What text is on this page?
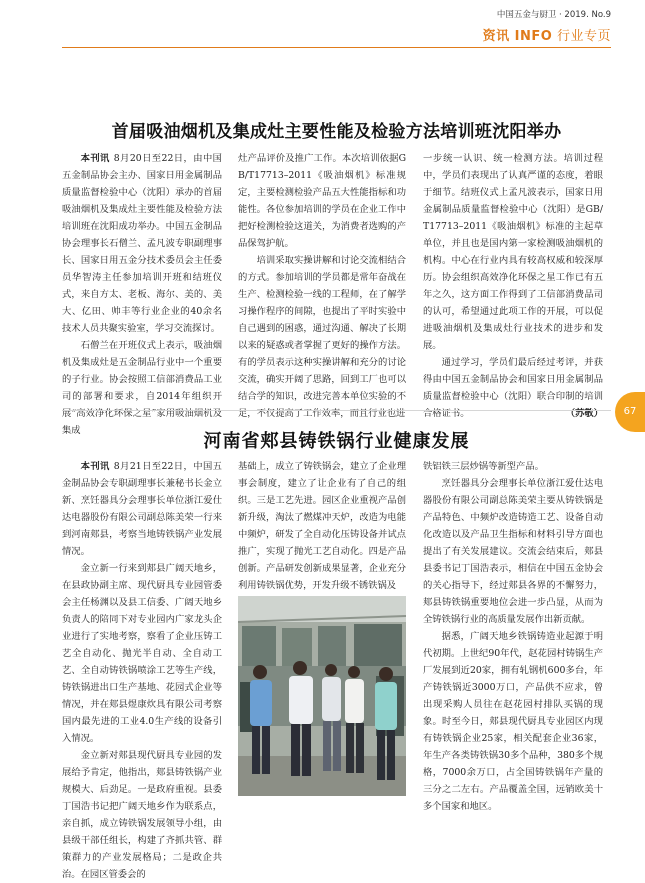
中国五金与厨卫 · 2019. No.9
资讯 INFO 行业专页
首届吸油烟机及集成灶主要性能及检验方法培训班沈阳举办

本刊讯 8月20日至22日，由中国五金制品协会主办、国家日用金属制品质量监督检验中心（沈阳）承办的首届吸油烟机及集成灶主要性能及检验方法培训班在沈阳成功举办。中国五金制品协会理事长石僧兰、孟凡波专职副理事长、国家日用五金分技术委员会主任委员华智涛主任参加培训开班和结班仪式，来自方太、老板、海尔、美的、美大、亿田、帅丰等行业企业的40余名技术人员共聚实验室，学习交流探讨。

石僧兰在开班仪式上表示，吸油烟机及集成灶是五金制品行业中一个重要的子行业。协会按照工信部消费品工业司的部署和要求，自2014年组织开展“高效净化环保之星”家用吸油烟机及集成

灶产品评价及推广工作。本次培训依据GB/T17713–2011《吸油烟机》标准规定，主要检测检验产品五大性能指标和功能性。各位参加培训的学员在企业工作中把好检测检验这道关，为消费者选购的产品保驾护航。

培训采取实操讲解和讨论交流相结合的方式。参加培训的学员都是常年奋战在生产、检测检验一线的工程师，在了解学习操作程序的间隙，也提出了平时实验中自己遇到的困惑，通过沟通、解决了长期以来的疑惑或者掌握了更好的操作方法。有的学员表示这种实操讲解和充分的讨论交流，确实开阔了思路，回到工厂也可以结合学的知识，改进完善本单位实验的不足，不仅提高了工作效率，而且行业也进

一步统一认识、统一检测方法。培训过程中，学员们表现出了认真严谨的态度，着眼于细节。结班仪式上孟凡波表示，国家日用金属制品质量监督检验中心（沈阳）是GB/T17713–2011《吸油烟机》标准的主起草单位，并且也是国内第一家检测吸油烟机的机构。中心在行业内具有较高权威和较深厚历。协会组织高效净化环保之星工作已有五年之久，这方面工作得到了工信部消费品司的认可，希望通过此项工作的开展，可以促进吸油烟机及集成灶行业技术的进步和发展。

通过学习，学员们最后经过考评，并获得由中国五金制品协会和国家日用金属制品质量监督检验中心（沈阳）联合印制的培训合格证书。	（苏敬）	67
河南省郏县铸铁锅行业健康发展

本刊讯 8月21日至22日，中国五金制品协会专职副理事长兼秘书长金立新、烹饪器具分会理事长单位浙江爱仕达电器股份有限公司副总陈美荣一行来到河南郏县，考察当地铸铁锅产业发展情况。

金立新一行来到郏县广阔天地乡，在县政协副主席、现代厨具专业园管委会主任杨渊以及县工信委、广阔天地乡负责人的陪同下对专业园内广家龙头企业进行了实地考察，察看了企业压铸工艺全自动化、抛光半自动、全自动工艺、全自动铸铁锅喷涂工艺等生产线，铸铁锅进出口生产基地、花园式企业等情况，并在郏县煜康炊具有限公司考察国内最先进的工业4.0生产线的设备引入情况。

金立新对郏县现代厨具专业园的发展给予肯定，他指出，郏县铸铁锅产业规模大、后劲足。一是政府重视。县委丁国浩书记把广阔天地乡作为联系点，亲自抓，成立铸铁锅发展领导小组，由县级干部任组长，构建了齐抓共管、群策群力的产业发展格局；二是政企共治。在园区管委会的

基础上，成立了铸铁锅会，建立了企业理事会制度，建立了让企业有了自己的组织。三是工艺先进。园区企业重视产品创新升级，淘汰了燃煤冲天炉，改造为电能中频炉，研发了全自动化压铸设备并试点推广，实现了抛光工艺自动化。四是产品创新。产品研发创新成果显著，企业充分利用铸铁锅优势，开发升级不锈铁锅及

铁铝铁三层炒锅等新型产品。

烹饪器具分会理事长单位浙江爱仕达电器股份有限公司副总陈美荣主要从铸铁锅是产品特色、中频炉改造铸造工艺、设备自动化改造以及产品卫生指标和材料引导方面也提出了有关发展建议。交流会结束后，郏县县委书记丁国浩表示，相信在中国五金协会的关心指导下，经过郏县各界的不懈努力，郏县铸铁锅重要地位会进一步凸显，从而为全铸铁锅行业的高质量发展作出新贡献。

据悉，广阔天地乡铁锅铸造业起源于明代初期。上世纪90年代，赵花园村铸锅生产厂发展到近20家，拥有轧钢机600多台，年产铸铁锅近3000万口，产品供不应求，曾出现采购人员往在赵花园村排队买锅的现象。时至今日，郏县现代厨具专业园区内现有铸铁锅企业25家，相关配套企业36家，年生产各类铸铁锅30多个品种，380多个规格，7000余万口，占全国铸铁锅年产量的三分之二左右。产品覆盖全国，远销欧美十多个国家和地区。
